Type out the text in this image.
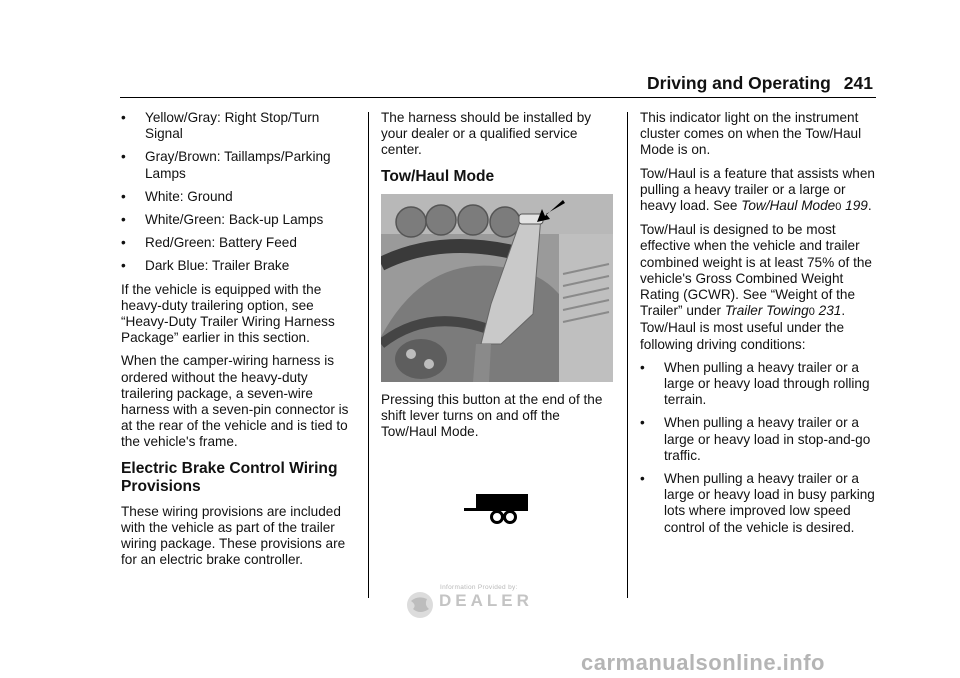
Driving and Operating 241
•	Yellow/Gray: Right Stop/Turn Signal
•	Gray/Brown: Taillamps/Parking Lamps
•	White: Ground
•	White/Green: Back-up Lamps
•	Red/Green: Battery Feed
•	Dark Blue: Trailer Brake

If the vehicle is equipped with the heavy-duty trailering option, see “Heavy-Duty Trailer Wiring Harness Package” earlier in this section.

When the camper-wiring harness is ordered without the heavy-duty trailering package, a seven-wire harness with a seven-pin connector is at the rear of the vehicle and is tied to the vehicle's frame.

Electric Brake Control Wiring Provisions

These wiring provisions are included with the vehicle as part of the trailer wiring package. These provisions are for an electric brake controller.

The harness should be installed by your dealer or a qualified service center.

Tow/Haul Mode

Pressing this button at the end of the shift lever turns on and off the Tow/Haul Mode.

This indicator light on the instrument cluster comes on when the Tow/Haul Mode is on.

Tow/Haul is a feature that assists when pulling a heavy trailer or a large or heavy load. See Tow/Haul Mode0 199.

Tow/Haul is designed to be most effective when the vehicle and trailer combined weight is at least 75% of the vehicle's Gross Combined Weight Rating (GCWR). See “Weight of the Trailer” under Trailer Towing0 231. Tow/Haul is most useful under the following driving conditions:

•	When pulling a heavy trailer or a large or heavy load through rolling terrain.
•	When pulling a heavy trailer or a large or heavy load in stop-and-go traffic.
•	When pulling a heavy trailer or a large or heavy load in busy parking lots where improved low speed control of the vehicle is desired.
Information Provided by:
DEALER
carmanualsonline.info
